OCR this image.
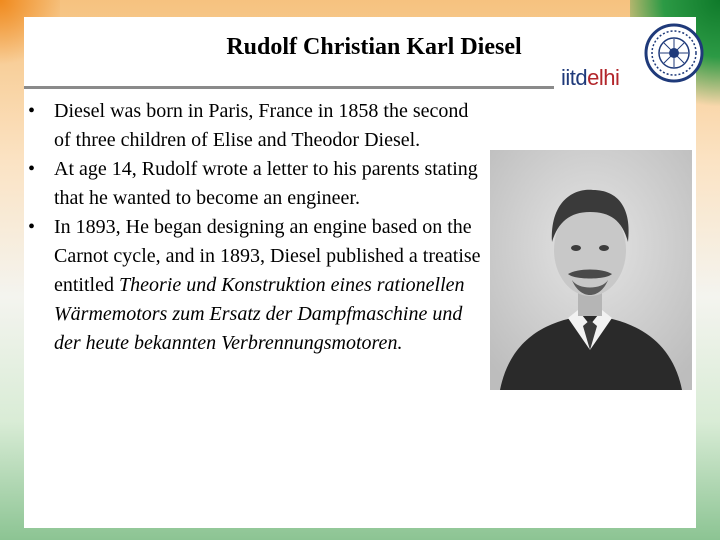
Rudolf Christian Karl Diesel
iitdelhi
• Diesel was born in Paris, France in 1858 the second of three children of Elise and Theodor Diesel.
• At age 14, Rudolf wrote a letter to his parents stating that he wanted to become an engineer.
• In 1893, He began designing an engine based on the Carnot cycle, and in 1893, Diesel published a treatise entitled Theorie und Konstruktion eines rationellen Wärmemotors zum Ersatz der Dampfmaschine und der heute bekannten Verbrennungsmotoren.
